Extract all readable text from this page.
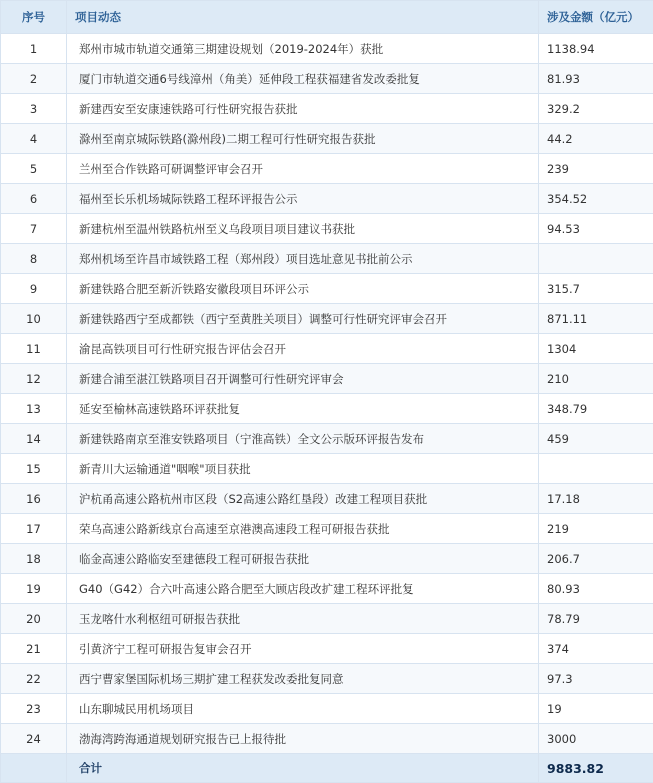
序号	项目动态	涉及金额（亿元）
1	郑州市城市轨道交通第三期建设规划（2019-2024年）获批	1138.94
2	厦门市轨道交通6号线漳州（角美）延伸段工程获福建省发改委批复	81.93
3	新建西安至安康速铁路可行性研究报告获批	329.2
4	滁州至南京城际铁路(滁州段)二期工程可行性研究报告获批	44.2
5	兰州至合作铁路可研调整评审会召开	239
6	福州至长乐机场城际铁路工程环评报告公示	354.52
7	新建杭州至温州铁路杭州至义乌段项目项目建议书获批	94.53
8	郑州机场至许昌市域铁路工程（郑州段）项目选址意见书批前公示	
9	新建铁路合肥至新沂铁路安徽段项目环评公示	315.7
10	新建铁路西宁至成都铁（西宁至黄胜关项目）调整可行性研究评审会召开	871.11
11	渝昆高铁项目可行性研究报告评估会召开	1304
12	新建合浦至湛江铁路项目召开调整可行性研究评审会	210
13	延安至榆林高速铁路环评获批复	348.79
14	新建铁路南京至淮安铁路项目（宁淮高铁）全文公示版环评报告发布	459
15	新青川大运输通道"咽喉"项目获批	
16	沪杭甬高速公路杭州市区段（S2高速公路红垦段）改建工程项目获批	17.18
17	荣乌高速公路新线京台高速至京港澳高速段工程可研报告获批	219
18	临金高速公路临安至建德段工程可研报告获批	206.7
19	G40（G42）合六叶高速公路合肥至大顾店段改扩建工程环评批复	80.93
20	玉龙喀什水利枢纽可研报告获批	78.79
21	引黄济宁工程可研报告复审会召开	374
22	西宁曹家堡国际机场三期扩建工程获发改委批复同意	97.3
23	山东聊城民用机场项目	19
24	渤海湾跨海通道规划研究报告已上报待批	3000
	合计	9883.82
